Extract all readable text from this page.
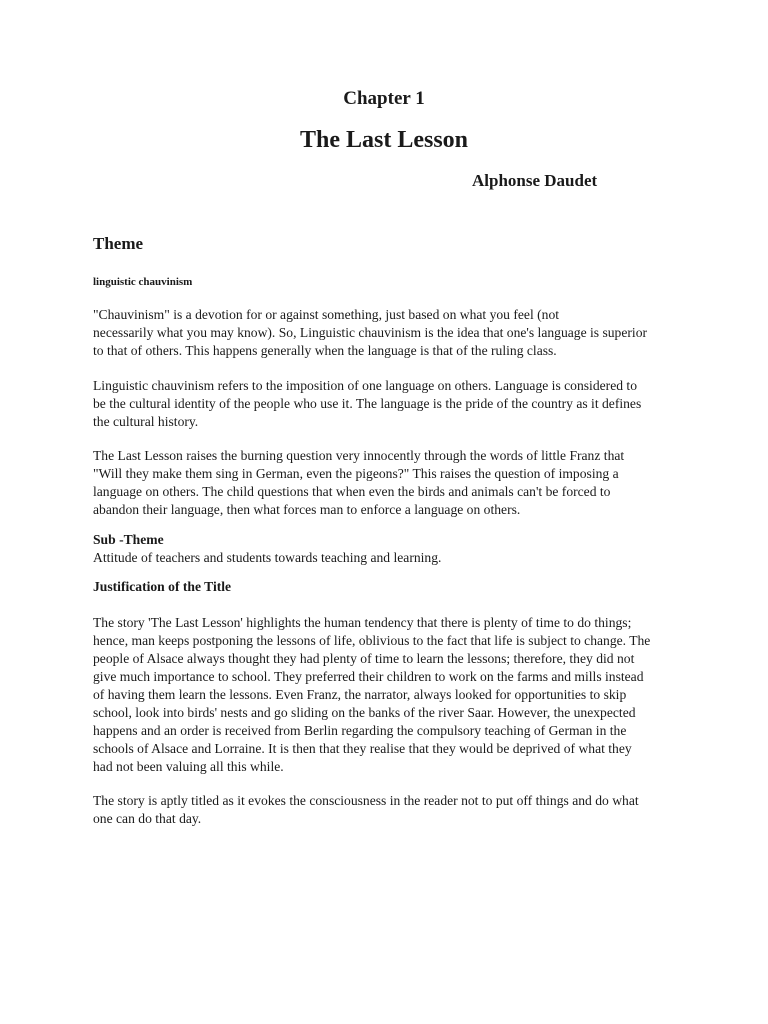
Chapter 1
The Last Lesson
Alphonse Daudet
Theme
linguistic chauvinism

"Chauvinism" is a devotion for or against something, just based on what you feel (not
necessarily what you may know). So, Linguistic chauvinism is the idea that one's language is superior
to that of others. This happens generally when the language is that of the ruling class.

Linguistic chauvinism refers to the imposition of one language on others. Language is considered to
be the cultural identity of the people who use it. The language is the pride of the country as it defines
the cultural history.

The Last Lesson raises the burning question very innocently through the words of little Franz that
"Will they make them sing in German, even the pigeons?" This raises the question of imposing a
language on others. The child questions that when even the birds and animals can't be forced to
abandon their language, then what forces man to enforce a language on others.

Sub -Theme
Attitude of teachers and students towards teaching and learning.
Justification of the Title

The story 'The Last Lesson' highlights the human tendency that there is plenty of time to do things;
hence, man keeps postponing the lessons of life, oblivious to the fact that life is subject to change. The
people of Alsace always thought they had plenty of time to learn the lessons; therefore, they did not
give much importance to school. They preferred their children to work on the farms and mills instead
of having them learn the lessons. Even Franz, the narrator, always looked for opportunities to skip
school, look into birds' nests and go sliding on the banks of the river Saar. However, the unexpected
happens and an order is received from Berlin regarding the compulsory teaching of German in the
schools of Alsace and Lorraine. It is then that they realise that they would be deprived of what they
had not been valuing all this while.

The story is aptly titled as it evokes the consciousness in the reader not to put off things and do what
one can do that day.
